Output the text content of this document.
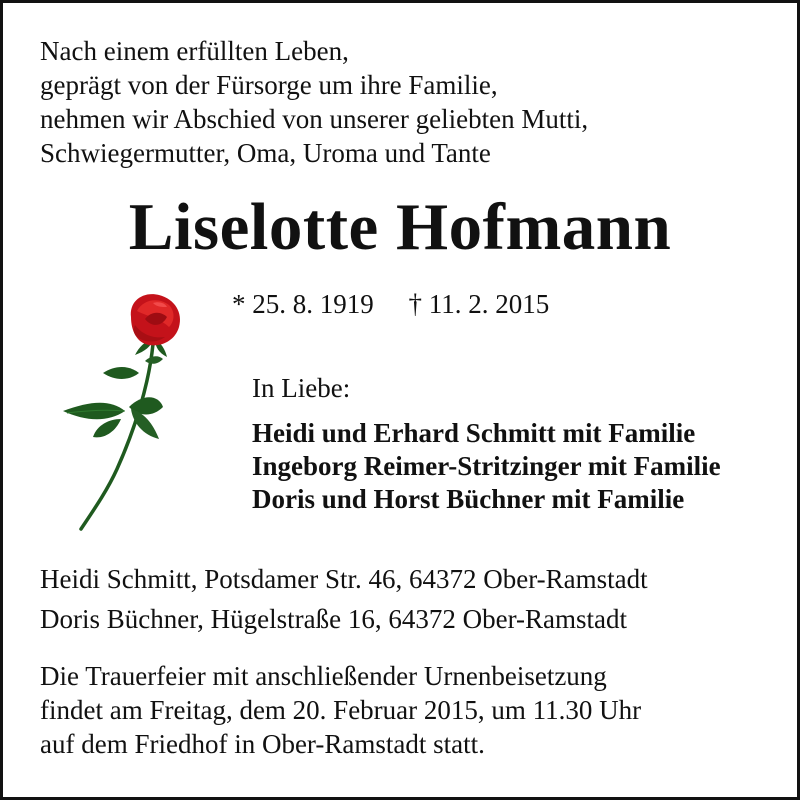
Nach einem erfüllten Leben,
geprägt von der Fürsorge um ihre Familie,
nehmen wir Abschied von unserer geliebten Mutti,
Schwiegermutter, Oma, Uroma und Tante
Liselotte Hofmann
* 25. 8. 1919 † 11. 2. 2015
In Liebe:
Heidi und Erhard Schmitt mit Familie
Ingeborg Reimer-Stritzinger mit Familie
Doris und Horst Büchner mit Familie
Heidi Schmitt, Potsdamer Str. 46, 64372 Ober-Ramstadt
Doris Büchner, Hügelstraße 16, 64372 Ober-Ramstadt
Die Trauerfeier mit anschließender Urnenbeisetzung
findet am Freitag, dem 20. Februar 2015, um 11.30 Uhr
auf dem Friedhof in Ober-Ramstadt statt.
